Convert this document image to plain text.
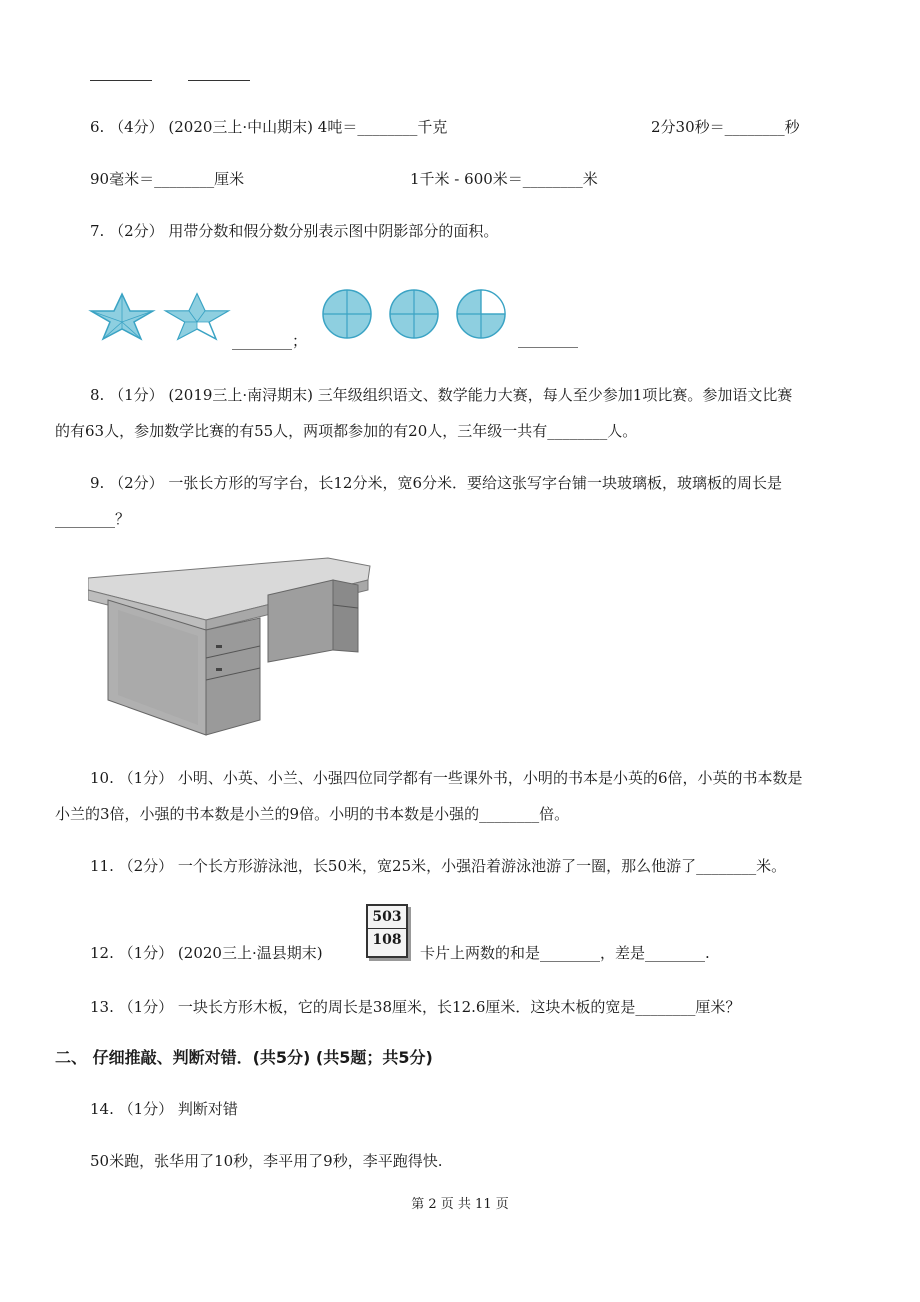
6. （4分） (2020三上·中山期末) 4吨＝________千克	2分30秒＝________秒
90毫米＝________厘米	1千米 - 600米＝________米
7. （2分） 用带分数和假分数分别表示图中阴影部分的面积。
________；	________
8. （1分） (2019三上·南浔期末) 三年级组织语文、数学能力大赛，每人至少参加1项比赛。参加语文比赛
的有63人，参加数学比赛的有55人，两项都参加的有20人，三年级一共有________人。
9. （2分） 一张长方形的写字台，长12分米，宽6分米．要给这张写字台铺一块玻璃板，玻璃板的周长是
________？
10. （1分） 小明、小英、小兰、小强四位同学都有一些课外书，小明的书本是小英的6倍，小英的书本数是
小兰的3倍，小强的书本数是小兰的9倍。小明的书本数是小强的________倍。
11. （2分） 一个长方形游泳池，长50米，宽25米，小强沿着游泳池游了一圈，那么他游了________米。
12. （1分） (2020三上·温县期末)
503
108
卡片上两数的和是________，差是________.
13. （1分） 一块长方形木板，它的周长是38厘米，长12.6厘米．这块木板的宽是________厘米？
二、 仔细推敲、判断对错．(共5分) (共5题；共5分)
14. （1分） 判断对错
50米跑，张华用了10秒，李平用了9秒，李平跑得快.
第 2 页 共 11 页
